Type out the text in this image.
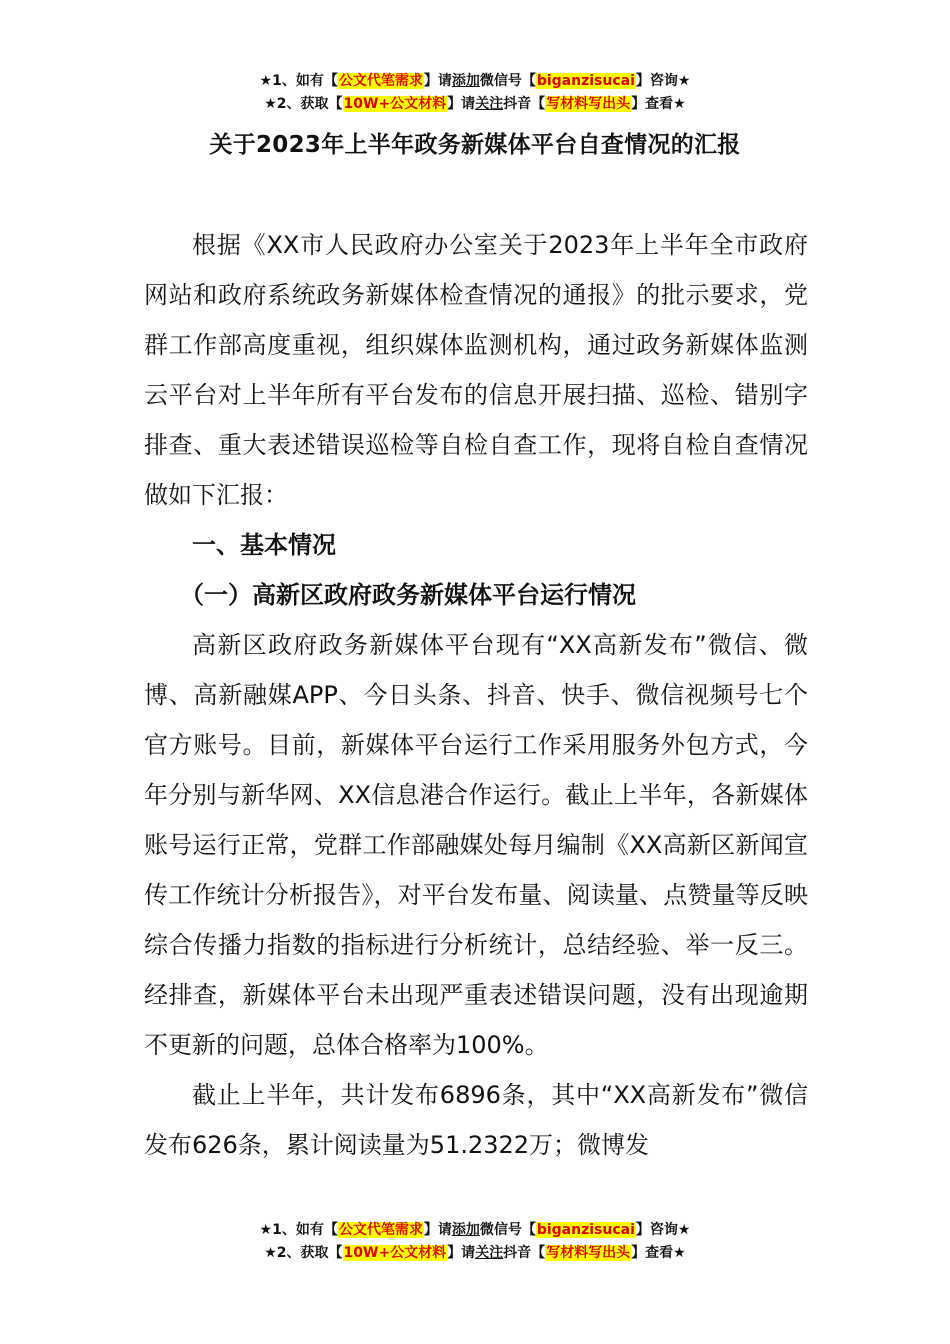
★1、如有【公文代笔需求】请添加微信号【biganzisucai】咨询★
★2、获取【10W+公文材料】请关注抖音【写材料写出头】查看★
关于2023年上半年政务新媒体平台自查情况的汇报

根据《XX市人民政府办公室关于2023年上半年全市政府网站和政府系统政务新媒体检查情况的通报》的批示要求，党群工作部高度重视，组织媒体监测机构，通过政务新媒体监测云平台对上半年所有平台发布的信息开展扫描、巡检、错别字排查、重大表述错误巡检等自检自查工作，现将自检自查情况做如下汇报：

一、基本情况
（一）高新区政府政务新媒体平台运行情况

高新区政府政务新媒体平台现有“XX高新发布”微信、微博、高新融媒APP、今日头条、抖音、快手、微信视频号七个官方账号。目前，新媒体平台运行工作采用服务外包方式，今年分别与新华网、XX信息港合作运行。截止上半年，各新媒体账号运行正常，党群工作部融媒处每月编制《XX高新区新闻宣传工作统计分析报告》，对平台发布量、阅读量、点赞量等反映综合传播力指数的指标进行分析统计，总结经验、举一反三。经排查，新媒体平台未出现严重表述错误问题，没有出现逾期不更新的问题，总体合格率为100%。

截止上半年，共计发布6896条，其中“XX高新发布”微信发布626条，累计阅读量为51.2322万；微博发

★1、如有【公文代笔需求】请添加微信号【biganzisucai】咨询★
★2、获取【10W+公文材料】请关注抖音【写材料写出头】查看★
